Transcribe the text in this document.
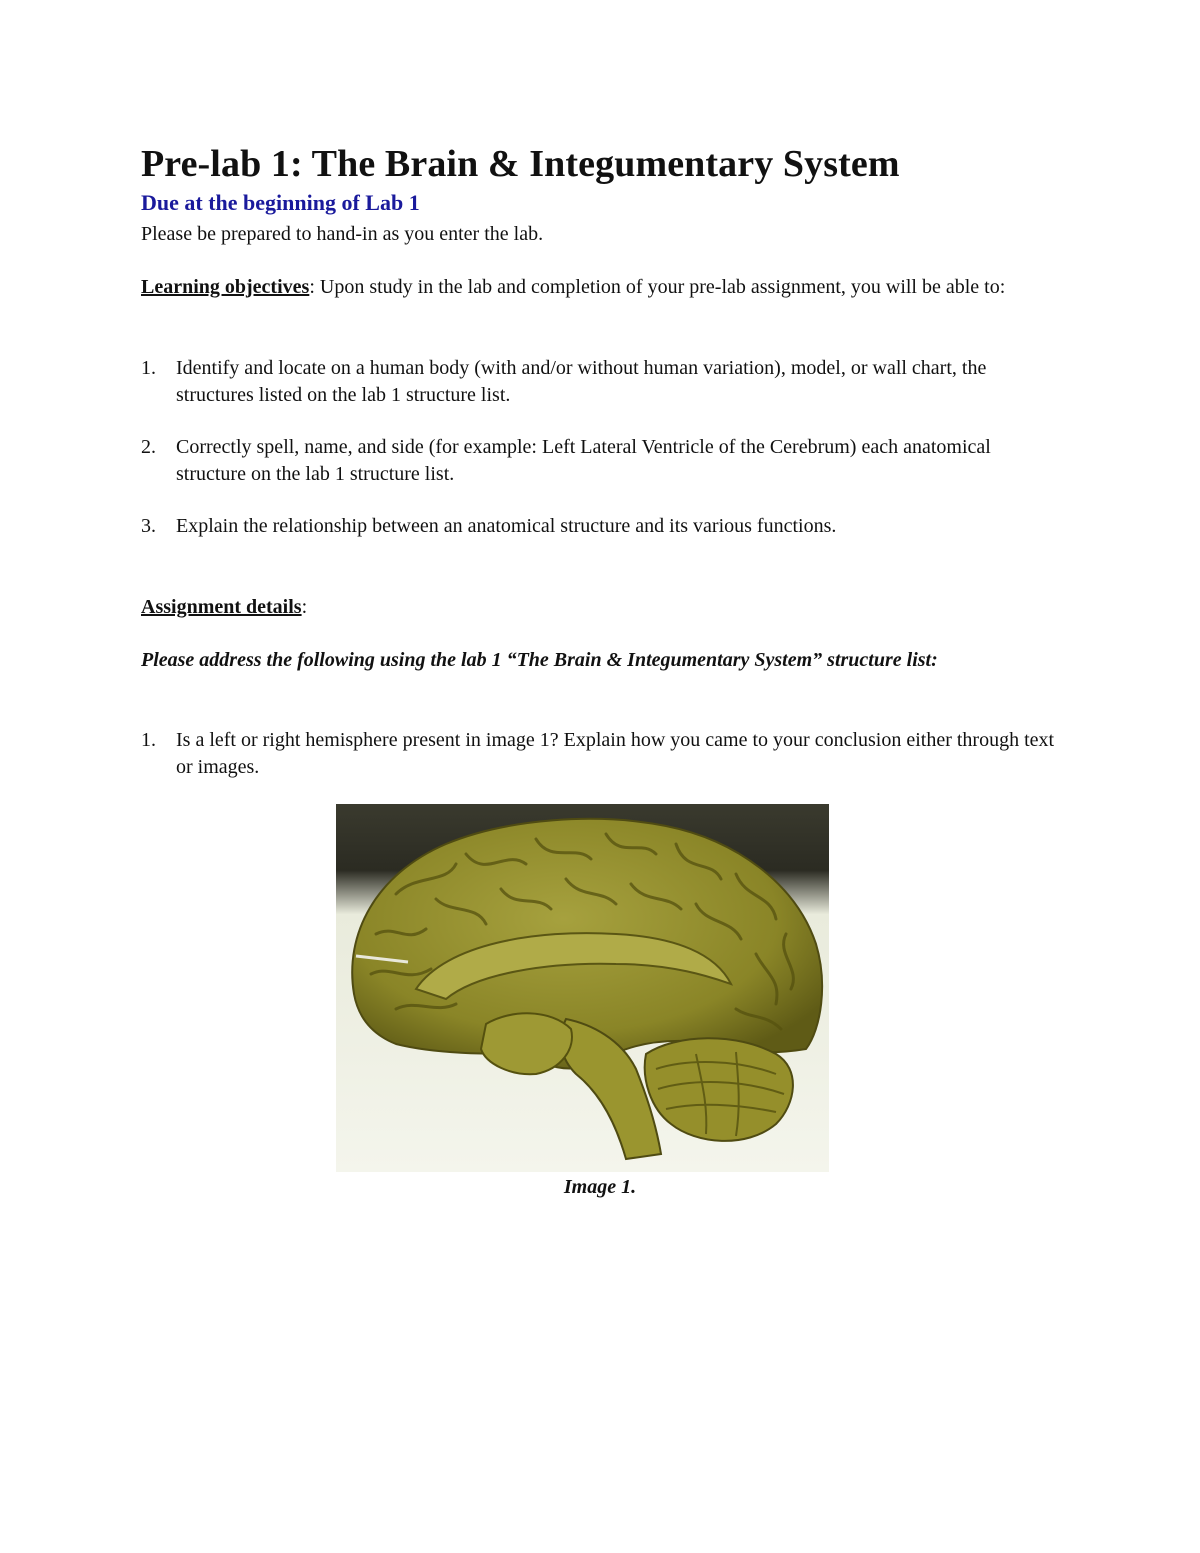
Pre-lab 1: The Brain & Integumentary System
Due at the beginning of Lab 1
Please be prepared to hand-in as you enter the lab.
Learning objectives: Upon study in the lab and completion of your pre-lab assignment, you will be able to:
1. Identify and locate on a human body (with and/or without human variation), model, or wall chart, the structures listed on the lab 1 structure list.
2. Correctly spell, name, and side (for example: Left Lateral Ventricle of the Cerebrum) each anatomical structure on the lab 1 structure list.
3. Explain the relationship between an anatomical structure and its various functions.
Assignment details:
Please address the following using the lab 1 “The Brain & Integumentary System” structure list:
1. Is a left or right hemisphere present in image 1? Explain how you came to your conclusion either through text or images.
Image 1.
